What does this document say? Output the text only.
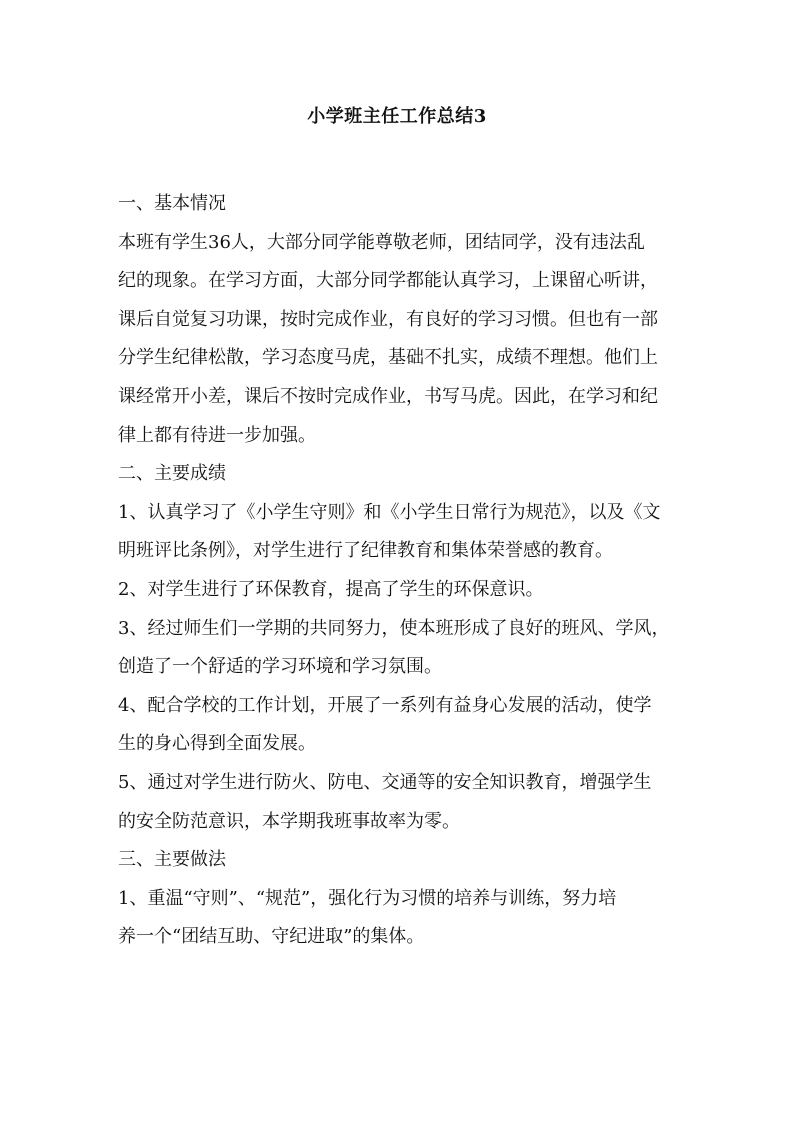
小学班主任工作总结3
一、基本情况
本班有学生36人，大部分同学能尊敬老师，团结同学，没有违法乱
纪的现象。在学习方面，大部分同学都能认真学习，上课留心听讲，
课后自觉复习功课，按时完成作业，有良好的学习习惯。但也有一部
分学生纪律松散，学习态度马虎，基础不扎实，成绩不理想。他们上
课经常开小差，课后不按时完成作业，书写马虎。因此，在学习和纪
律上都有待进一步加强。
二、主要成绩
1、认真学习了《小学生守则》和《小学生日常行为规范》，以及《文
明班评比条例》，对学生进行了纪律教育和集体荣誉感的教育。
2、对学生进行了环保教育，提高了学生的环保意识。
3、经过师生们一学期的共同努力，使本班形成了良好的班风、学风，
创造了一个舒适的学习环境和学习氛围。
4、配合学校的工作计划，开展了一系列有益身心发展的活动，使学
生的身心得到全面发展。
5、通过对学生进行防火、防电、交通等的安全知识教育，增强学生
的安全防范意识，本学期我班事故率为零。
三、主要做法
1、重温“守则”、“规范”，强化行为习惯的培养与训练，努力培
养一个“团结互助、守纪进取”的集体。
